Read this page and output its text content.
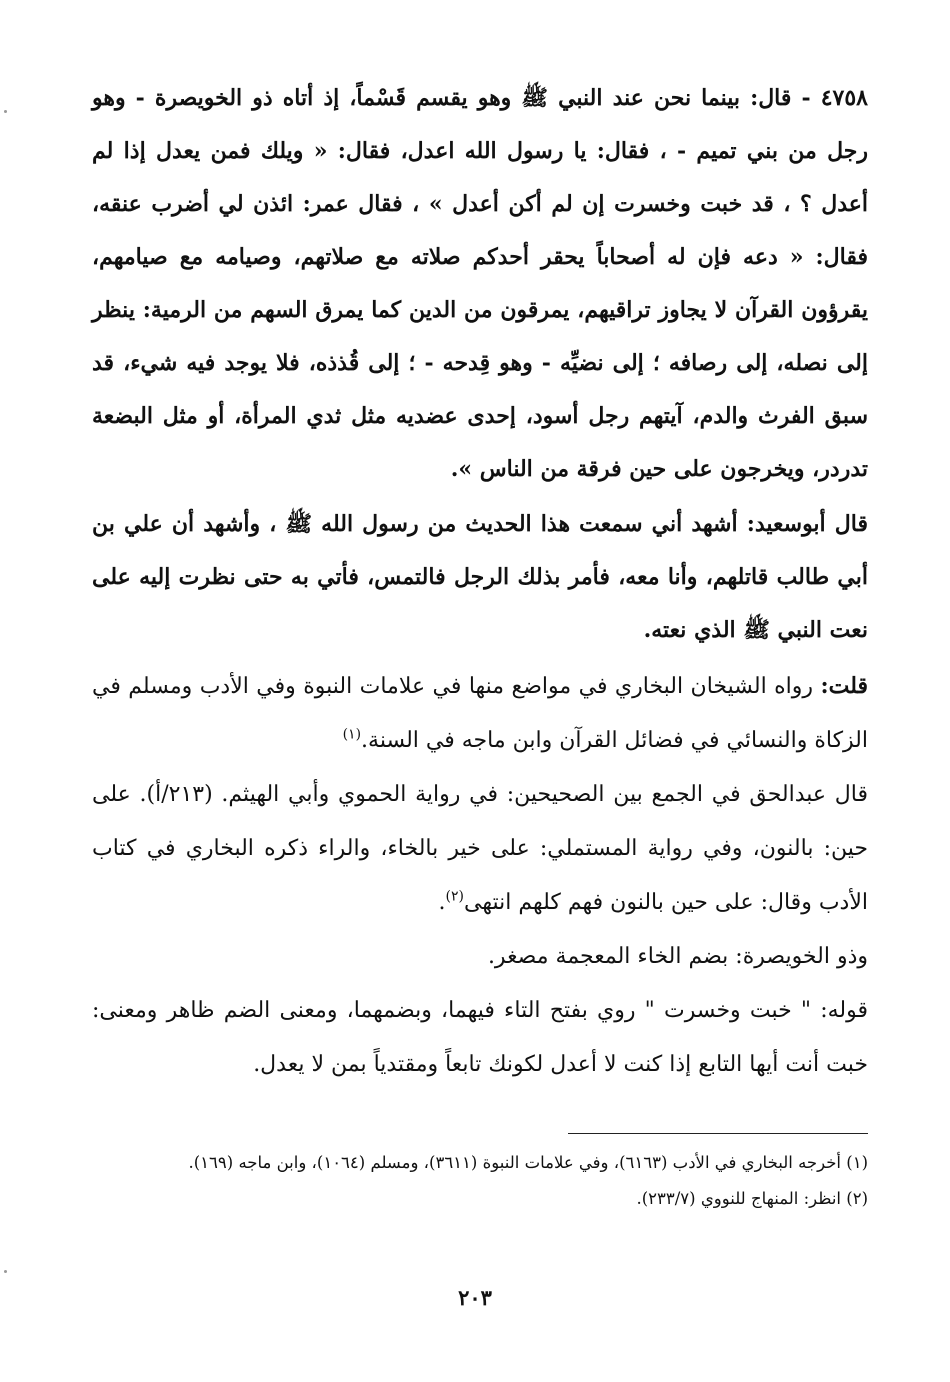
٤٧٥٨ - قال: بينما نحن عند النبي ﷺ وهو يقسم قَسْماً، إذ أتاه ذو الخويصرة - وهو رجل من بني تميم - ، فقال: يا رسول الله اعدل، فقال: « ويلك فمن يعدل إذا لم أعدل ؟ ، قد خبت وخسرت إن لم أكن أعدل » ، فقال عمر: ائذن لي أضرب عنقه، فقال: « دعه فإن له أصحاباً يحقر أحدكم صلاته مع صلاتهم، وصيامه مع صيامهم، يقرؤون القرآن لا يجاوز تراقيهم، يمرقون من الدين كما يمرق السهم من الرمية: ينظر إلى نصله، إلى رصافه ؛ إلى نضيِّه - وهو قِدحه - ؛ إلى قُذذه، فلا يوجد فيه شيء، قد سبق الفرث والدم، آيتهم رجل أسود، إحدى عضديه مثل ثدي المرأة، أو مثل البضعة تدردر، ويخرجون على حين فرقة من الناس ».

قال أبوسعيد: أشهد أني سمعت هذا الحديث من رسول الله ﷺ ، وأشهد أن علي بن أبي طالب قاتلهم، وأنا معه، فأمر بذلك الرجل فالتمس، فأتي به حتى نظرت إليه على نعت النبي ﷺ الذي نعته.

قلت: رواه الشيخان البخاري في مواضع منها في علامات النبوة وفي الأدب ومسلم في الزكاة والنسائي في فضائل القرآن وابن ماجه في السنة.$^{(١)}$

قال عبدالحق في الجمع بين الصحيحين: في رواية الحموي وأبي الهيثم. (٢١٣/أ). على حين: بالنون، وفي رواية المستملي: على خير بالخاء، والراء ذكره البخاري في كتاب الأدب وقال: على حين بالنون فهم كلهم انتهى$^{(٢)}$.

وذو الخويصرة: بضم الخاء المعجمة مصغر.

قوله: " خبت وخسرت " روي بفتح التاء فيهما، وبضمهما، ومعنى الضم ظاهر ومعنى: خبت أنت أيها التابع إذا كنت لا أعدل لكونك تابعاً ومقتدياً بمن لا يعدل.

(١) أخرجه البخاري في الأدب (٦١٦٣)، وفي علامات النبوة (٣٦١١)، ومسلم (١٠٦٤)، وابن ماجه (١٦٩).

(٢) انظر: المنهاج للنووي (٢٣٣/٧).

٢٠٣
